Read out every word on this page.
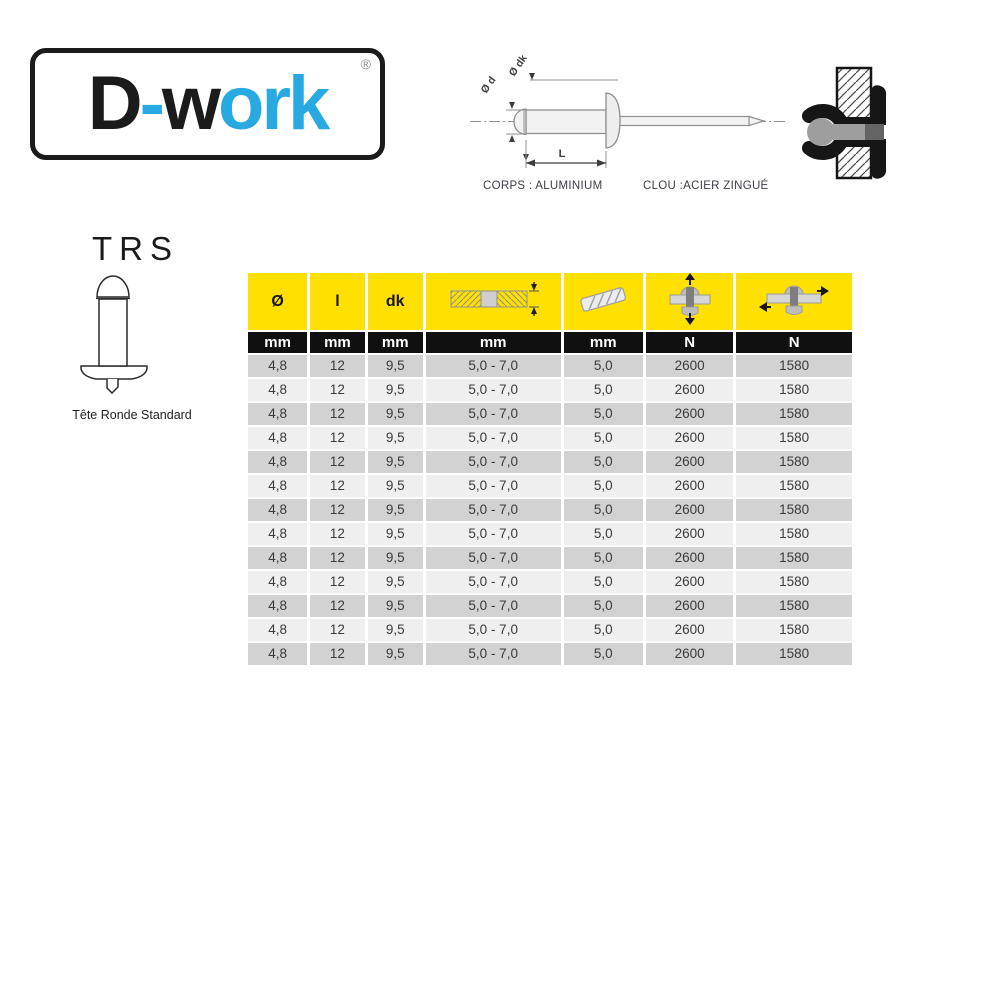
D-work ®
Ø d
Ø dk
L
CORPS : ALUMINIUM	CLOU :ACIER ZINGUÉ
TRS
Tête Ronde Standard
Ø	l	dk				
mm	mm	mm	mm	mm	N	N
4,8	12	9,5	5,0 - 7,0	5,0	2600	1580
4,8	12	9,5	5,0 - 7,0	5,0	2600	1580
4,8	12	9,5	5,0 - 7,0	5,0	2600	1580
4,8	12	9,5	5,0 - 7,0	5,0	2600	1580
4,8	12	9,5	5,0 - 7,0	5,0	2600	1580
4,8	12	9,5	5,0 - 7,0	5,0	2600	1580
4,8	12	9,5	5,0 - 7,0	5,0	2600	1580
4,8	12	9,5	5,0 - 7,0	5,0	2600	1580
4,8	12	9,5	5,0 - 7,0	5,0	2600	1580
4,8	12	9,5	5,0 - 7,0	5,0	2600	1580
4,8	12	9,5	5,0 - 7,0	5,0	2600	1580
4,8	12	9,5	5,0 - 7,0	5,0	2600	1580
4,8	12	9,5	5,0 - 7,0	5,0	2600	1580
